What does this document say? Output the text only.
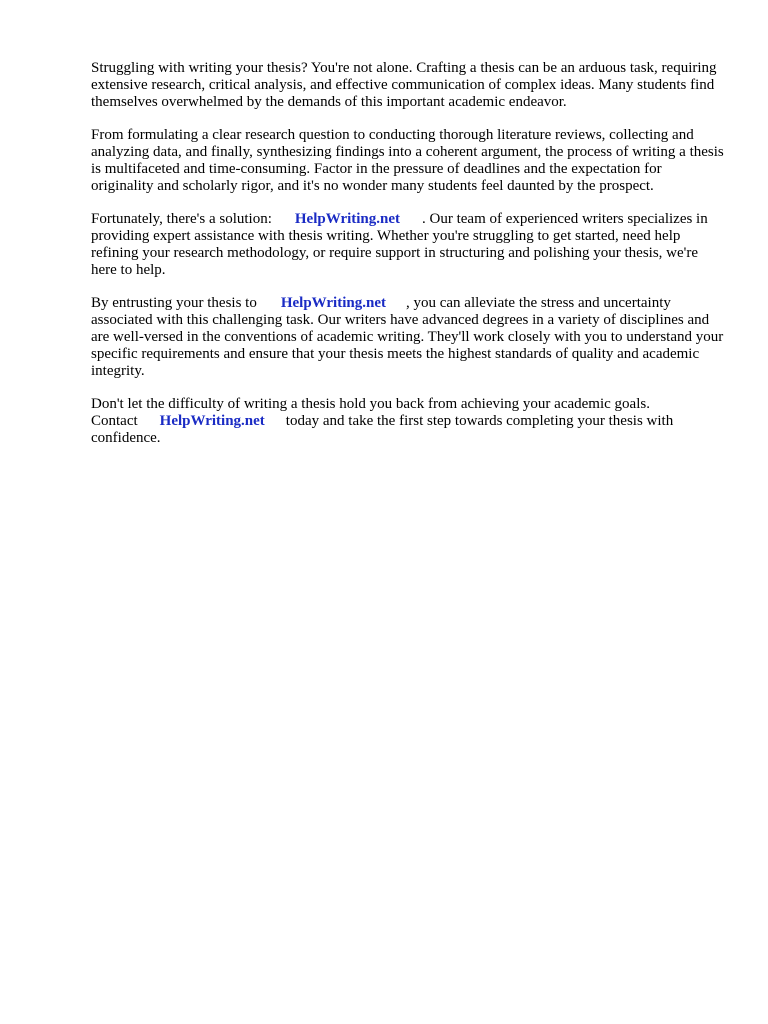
Struggling with writing your thesis? You're not alone. Crafting a thesis can be an arduous task, requiring extensive research, critical analysis, and effective communication of complex ideas. Many students find themselves overwhelmed by the demands of this important academic endeavor.

From formulating a clear research question to conducting thorough literature reviews, collecting and analyzing data, and finally, synthesizing findings into a coherent argument, the process of writing a thesis is multifaceted and time-consuming. Factor in the pressure of deadlines and the expectation for originality and scholarly rigor, and it's no wonder many students feel daunted by the prospect.

Fortunately, there's a solution: HelpWriting.net . Our team of experienced writers specializes in providing expert assistance with thesis writing. Whether you're struggling to get started, need help refining your research methodology, or require support in structuring and polishing your thesis, we're here to help.

By entrusting your thesis to HelpWriting.net , you can alleviate the stress and uncertainty associated with this challenging task. Our writers have advanced degrees in a variety of disciplines and are well-versed in the conventions of academic writing. They'll work closely with you to understand your specific requirements and ensure that your thesis meets the highest standards of quality and academic integrity.

Don't let the difficulty of writing a thesis hold you back from achieving your academic goals. Contact HelpWriting.net today and take the first step towards completing your thesis with confidence.
